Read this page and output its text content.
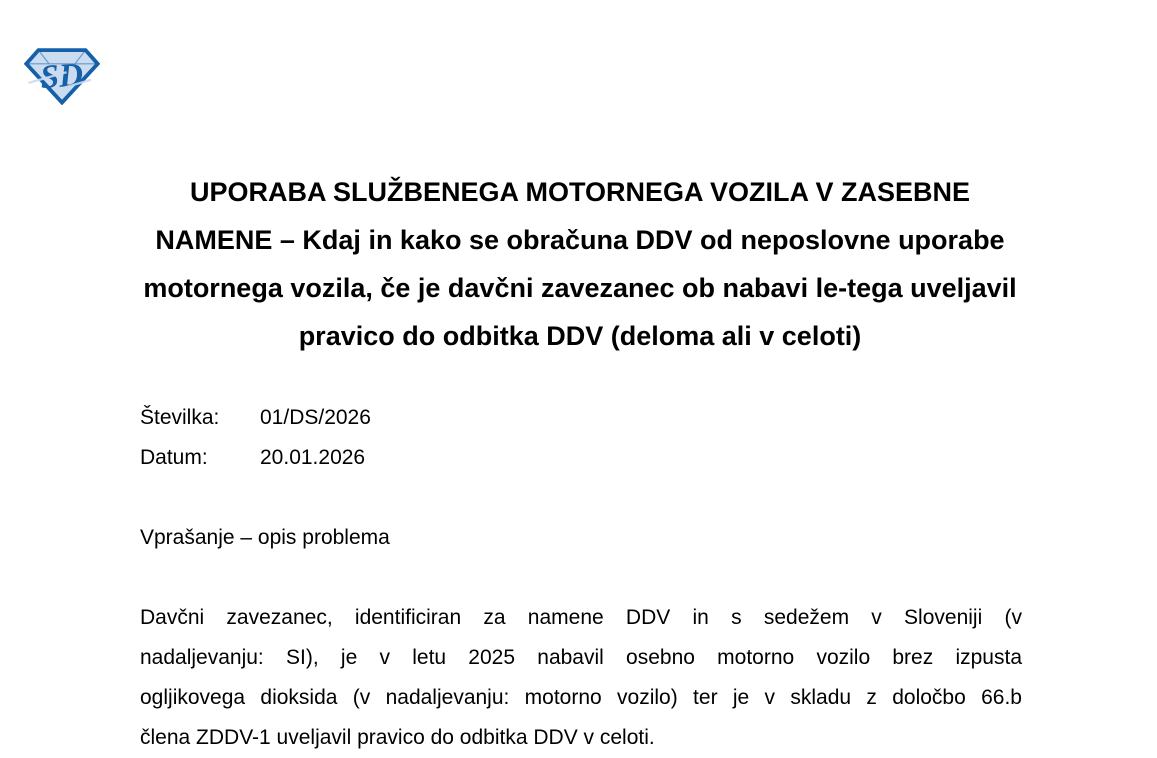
SD
UPORABA SLUŽBENEGA MOTORNEGA VOZILA V ZASEBNE
NAMENE – Kdaj in kako se obračuna DDV od neposlovne uporabe
motornega vozila, če je davčni zavezanec ob nabavi le-tega uveljavil
pravico do odbitka DDV (deloma ali v celoti)
Številka: 01/DS/2026
Datum: 20.01.2026
Vprašanje – opis problema
Davčni zavezanec, identificiran za namene DDV in s sedežem v Sloveniji (v
nadaljevanju: SI), je v letu 2025 nabavil osebno motorno vozilo brez izpusta
ogljikovega dioksida (v nadaljevanju: motorno vozilo) ter je v skladu z določbo 66.b
člena ZDDV-1 uveljavil pravico do odbitka DDV v celoti.
